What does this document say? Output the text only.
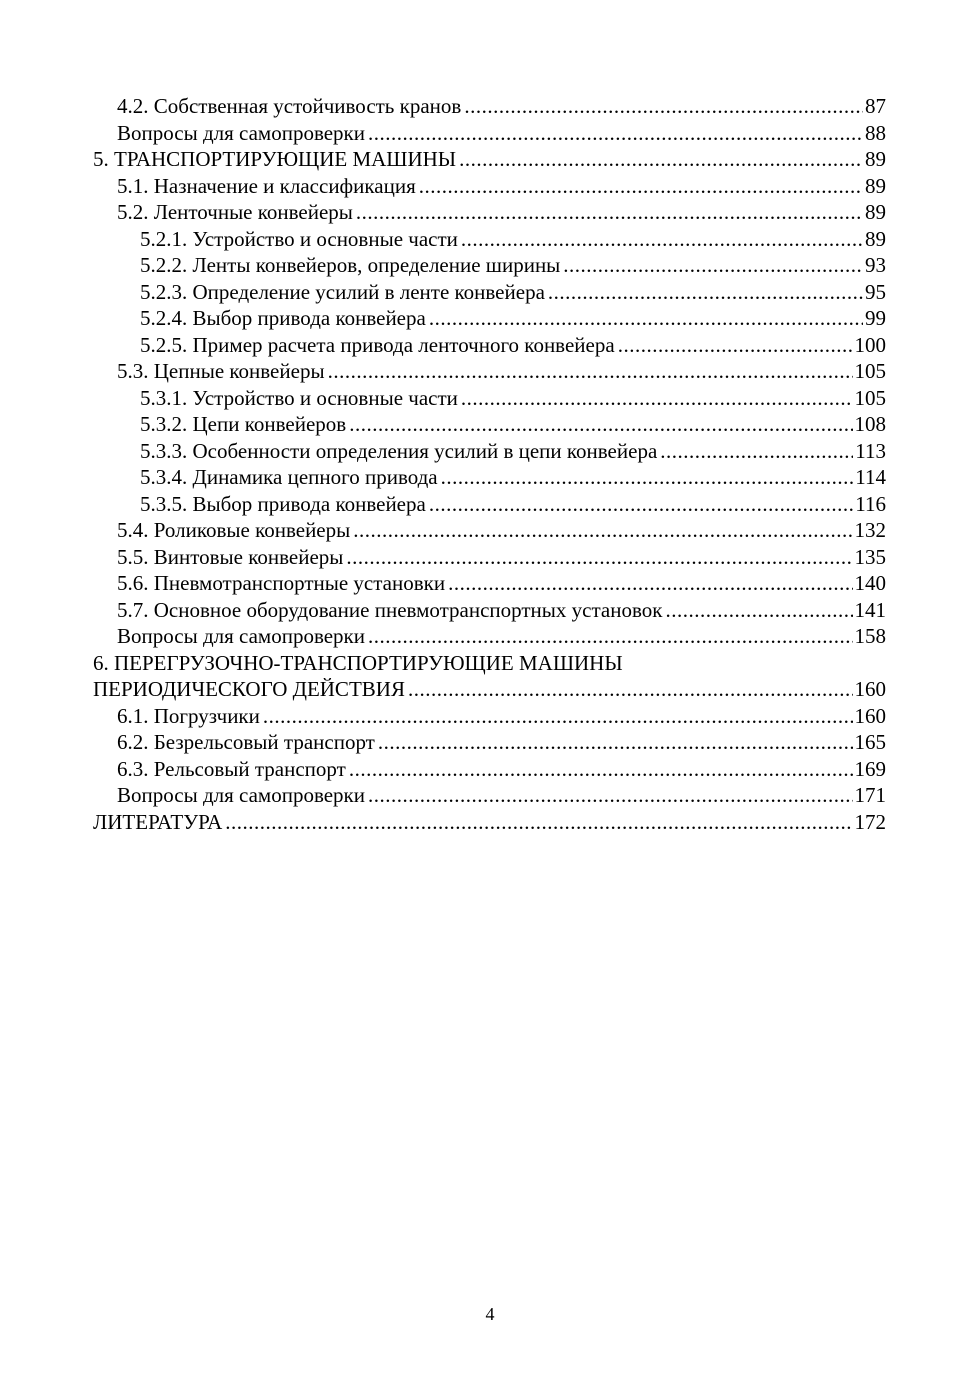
4.2. Собственная устойчивость кранов .....	87
Вопросы для самопроверки .....	88
5. ТРАНСПОРТИРУЮЩИЕ МАШИНЫ .....	89
5.1. Назначение и классификация .....	89
5.2. Ленточные конвейеры .....	89
5.2.1. Устройство и основные части .....	89
5.2.2. Ленты конвейеров, определение ширины .....	93
5.2.3. Определение усилий в ленте конвейера .....	95
5.2.4. Выбор привода конвейера .....	99
5.2.5. Пример расчета привода ленточного конвейера .....	100
5.3. Цепные конвейеры .....	105
5.3.1. Устройство и основные части .....	105
5.3.2. Цепи конвейеров .....	108
5.3.3. Особенности определения усилий в цепи конвейера .....	113
5.3.4. Динамика цепного привода .....	114
5.3.5. Выбор привода конвейера .....	116
5.4. Роликовые конвейеры .....	132
5.5. Винтовые конвейеры .....	135
5.6. Пневмотранспортные установки .....	140
5.7. Основное оборудование пневмотранспортных установок .....	141
Вопросы для самопроверки .....	158
6. ПЕРЕГРУЗОЧНО-ТРАНСПОРТИРУЮЩИЕ МАШИНЫ
ПЕРИОДИЧЕСКОГО ДЕЙСТВИЯ .....	160
6.1. Погрузчики .....	160
6.2. Безрельсовый транспорт .....	165
6.3. Рельсовый транспорт .....	169
Вопросы для самопроверки .....	171
ЛИТЕРАТУРА .....	172
4
